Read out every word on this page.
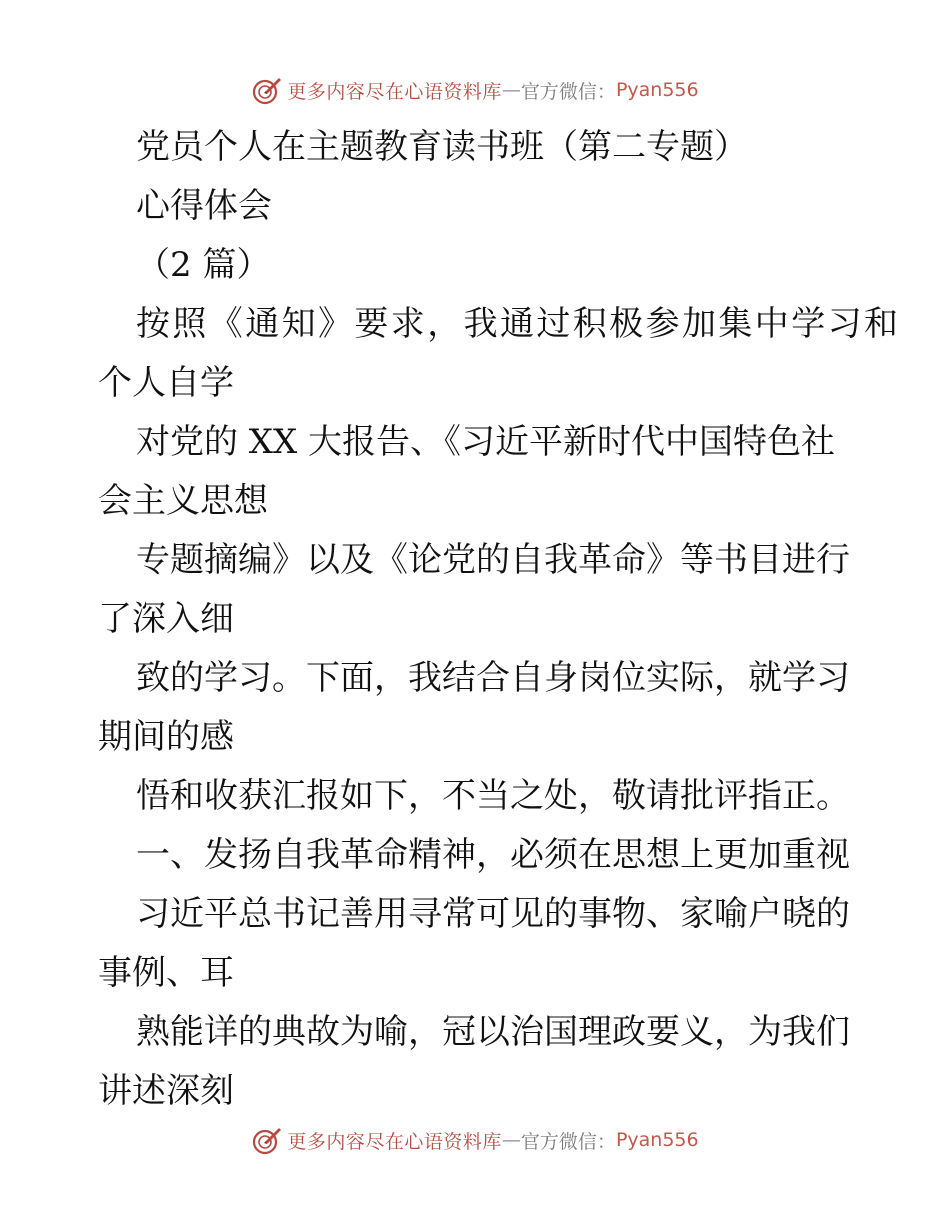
更多内容尽在心语资料库 — 官方微信： Pyan556
党员个人在主题教育读书班（第二专题）
心得体会
（2 篇）
按照《通知》要求，我通过积极参加集中学习和
个人自学
对党的 XX 大报告、《习近平新时代中国特色社
会主义思想
专题摘编》以及《论党的自我革命》等书目进行
了深入细
致的学习。下面，我结合自身岗位实际，就学习
期间的感
悟和收获汇报如下，不当之处，敬请批评指正。
一、发扬自我革命精神，必须在思想上更加重视
习近平总书记善用寻常可见的事物、家喻户晓的
事例、耳
熟能详的典故为喻，冠以治国理政要义，为我们
讲述深刻
更多内容尽在心语资料库 — 官方微信： Pyan556
